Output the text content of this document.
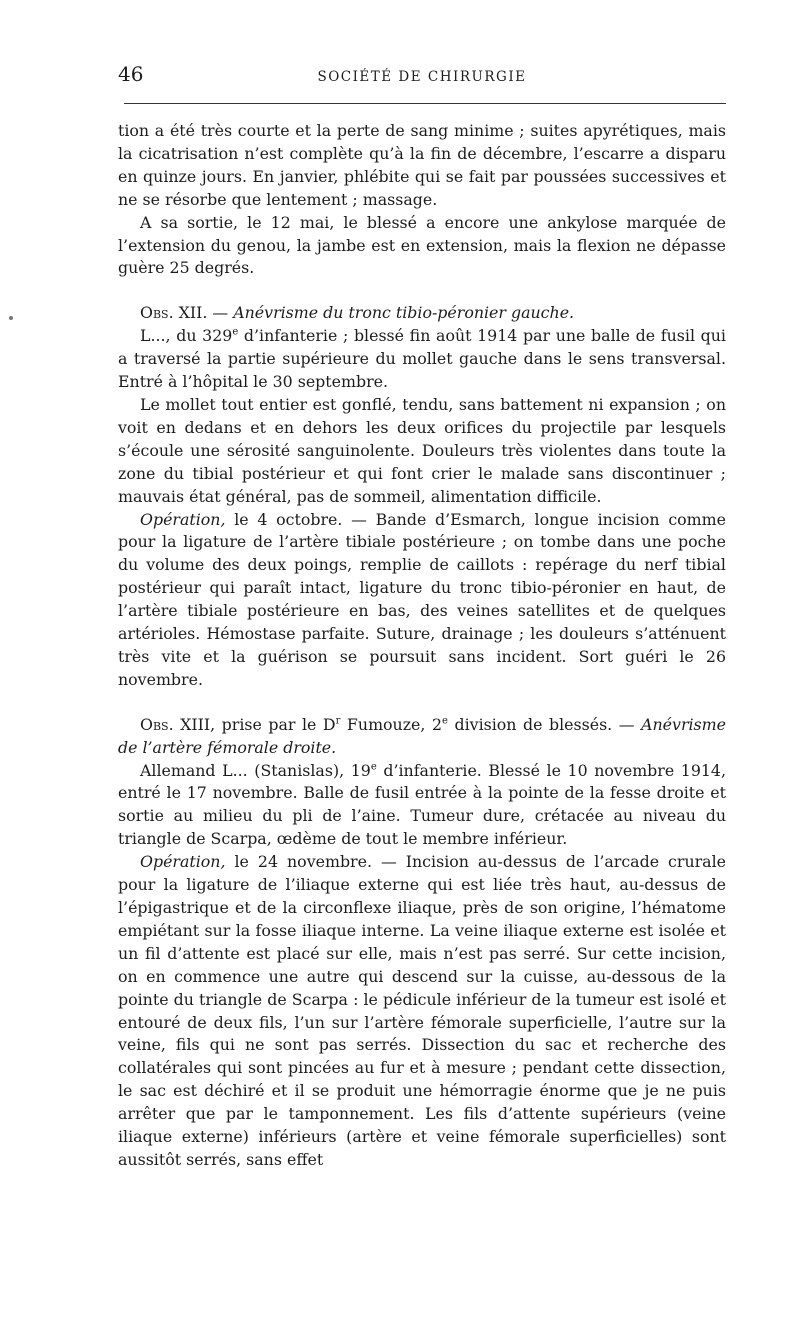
46	SOCIÉTÉ DE CHIRURGIE

tion a été très courte et la perte de sang minime ; suites apyrétiques, mais la cicatrisation n’est complète qu’à la fin de décembre, l’escarre a disparu en quinze jours. En janvier, phlébite qui se fait par poussées successives et ne se résorbe que lentement ; massage.

A sa sortie, le 12 mai, le blessé a encore une ankylose marquée de l’extension du genou, la jambe est en extension, mais la flexion ne dépasse guère 25 degrés.

Obs. XII. — Anévrisme du tronc tibio-péronier gauche.

L..., du 329e d’infanterie ; blessé fin août 1914 par une balle de fusil qui a traversé la partie supérieure du mollet gauche dans le sens transversal. Entré à l’hôpital le 30 septembre.

Le mollet tout entier est gonflé, tendu, sans battement ni expansion ; on voit en dedans et en dehors les deux orifices du projectile par lesquels s’écoule une sérosité sanguinolente. Douleurs très violentes dans toute la zone du tibial postérieur et qui font crier le malade sans discontinuer ; mauvais état général, pas de sommeil, alimentation difficile.

Opération, le 4 octobre. — Bande d’Esmarch, longue incision comme pour la ligature de l’artère tibiale postérieure ; on tombe dans une poche du volume des deux poings, remplie de caillots : repérage du nerf tibial postérieur qui paraît intact, ligature du tronc tibio-péronier en haut, de l’artère tibiale postérieure en bas, des veines satellites et de quelques artérioles. Hémostase parfaite. Suture, drainage ; les douleurs s’atténuent très vite et la guérison se poursuit sans incident. Sort guéri le 26 novembre.

Obs. XIII, prise par le $D^r$ Fumouze, 2e division de blessés. — Anévrisme de l’artère fémorale droite.

Allemand L... (Stanislas), 19e d’infanterie. Blessé le 10 novembre 1914, entré le 17 novembre. Balle de fusil entrée à la pointe de la fesse droite et sortie au milieu du pli de l’aine. Tumeur dure, crétacée au niveau du triangle de Scarpa, œdème de tout le membre inférieur.

Opération, le 24 novembre. — Incision au-dessus de l’arcade crurale pour la ligature de l’iliaque externe qui est liée très haut, au-dessus de l’épigastrique et de la circonflexe iliaque, près de son origine, l’hématome empiétant sur la fosse iliaque interne. La veine iliaque externe est isolée et un fil d’attente est placé sur elle, mais n’est pas serré. Sur cette incision, on en commence une autre qui descend sur la cuisse, au-dessous de la pointe du triangle de Scarpa : le pédicule inférieur de la tumeur est isolé et entouré de deux fils, l’un sur l’artère fémorale superficielle, l’autre sur la veine, fils qui ne sont pas serrés. Dissection du sac et recherche des collatérales qui sont pincées au fur et à mesure ; pendant cette dissection, le sac est déchiré et il se produit une hémorragie énorme que je ne puis arrêter que par le tamponnement. Les fils d’attente supérieurs (veine iliaque externe) inférieurs (artère et veine fémorale superficielles) sont aussitôt serrés, sans effet
